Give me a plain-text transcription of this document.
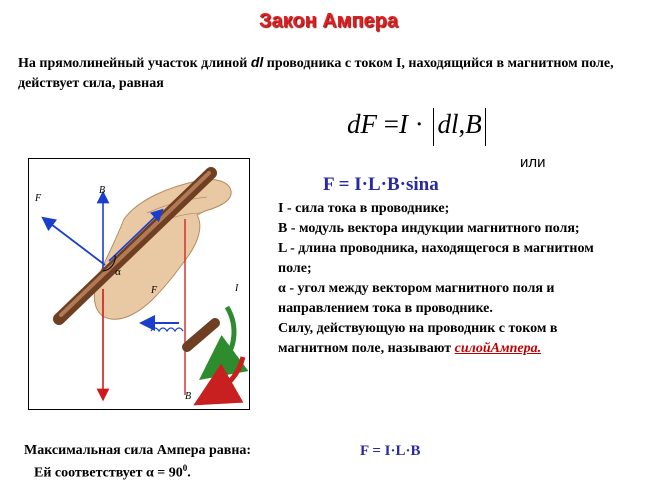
Закон Ампера
На прямолинейный участок длиной dl проводника с током I, находящийся в магнитном поле, действует сила, равная
dF =I · dl,B
или
F = I·L·B·sina

I - сила тока в проводнике;

В - модуль вектора индукции магнитного поля;

L - длина проводника, находящегося в магнитном поле;

α - угол между вектором магнитного поля и направлением тока в проводнике.

Силу, действующую на проводник с током в магнитном поле, называют силойАмпера.

α
F
B
I
F
B
Максимальная сила Ампера равна:	F = I·L·B
Ей соответствует $\alpha = 90^0$.
